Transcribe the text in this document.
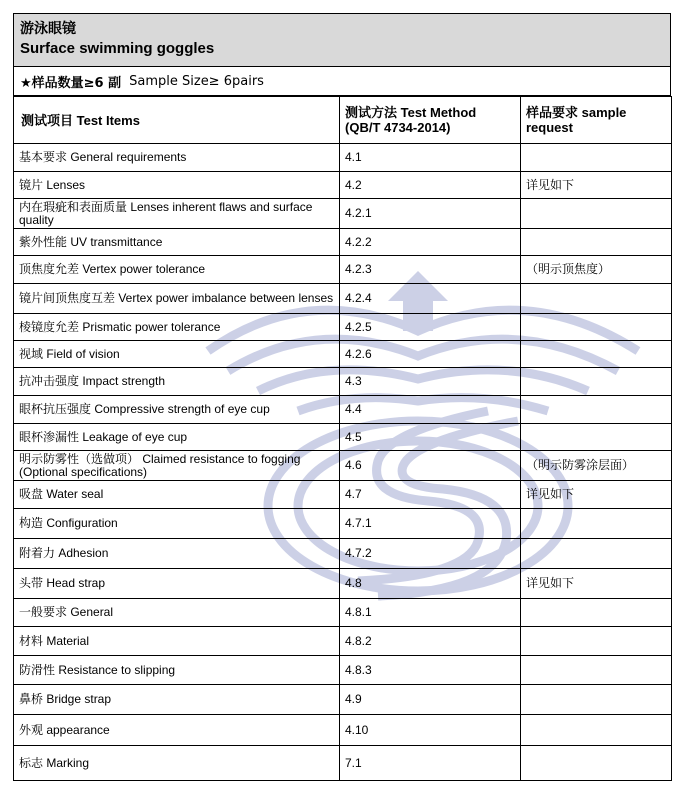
游泳眼镜
Surface swimming goggles
★样品数量≥6 副 Sample Size≥ 6pairs
测试项目 Test Items	测试方法 Test Method (QB/T 4734-2014)	样品要求 sample request
基本要求 General requirements	4.1	
镜片 Lenses	4.2	详见如下
内在瑕疵和表面质量 Lenses inherent flaws and surface quality	4.2.1	
紫外性能 UV transmittance	4.2.2	
顶焦度允差 Vertex power tolerance	4.2.3	（明示顶焦度）
镜片间顶焦度互差 Vertex power imbalance between lenses	4.2.4	
棱镜度允差 Prismatic power tolerance	4.2.5	
视域 Field of vision	4.2.6	
抗冲击强度 Impact strength	4.3	
眼杯抗压强度 Compressive strength of eye cup	4.4	
眼杯渗漏性 Leakage of eye cup	4.5	
明示防雾性（选做项） Claimed resistance to fogging (Optional specifications)	4.6	（明示防雾涂层面）
吸盘 Water seal	4.7	详见如下
构造 Configuration	4.7.1	
附着力 Adhesion	4.7.2	
头带 Head strap	4.8	详见如下
一般要求 General	4.8.1	
材料 Material	4.8.2	
防滑性 Resistance to slipping	4.8.3	
鼻桥 Bridge strap	4.9	
外观 appearance	4.10	
标志 Marking	7.1	
